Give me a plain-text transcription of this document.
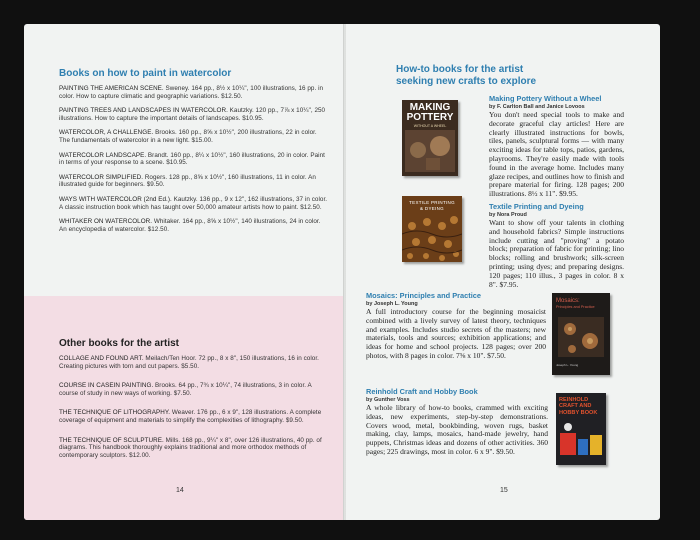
Books on how to paint in watercolor

PAINTING THE AMERICAN SCENE. Sweney. 164 pp., 8½ x 10¼", 100 illustrations, 16 pp. in color. How to capture climatic and geographic variations. $12.50.

PAINTING TREES AND LANDSCAPES IN WATERCOLOR. Kautzky. 120 pp., 7⅞ x 10¼", 250 illustrations. How to capture the important details of landscapes. $10.95.

WATERCOLOR, A CHALLENGE. Brooks. 160 pp., 8⅝ x 10½", 200 illustrations, 22 in color. The fundamentals of watercolor in a new light. $15.00.

WATERCOLOR LANDSCAPE. Brandt. 160 pp., 8¼ x 10½", 160 illustrations, 20 in color. Paint in terms of your response to a scene. $10.95.

WATERCOLOR SIMPLIFIED. Rogers. 128 pp., 8⅝ x 10½", 160 illustrations, 11 in color. An illustrated guide for beginners. $9.50.

WAYS WITH WATERCOLOR (2nd Ed.). Kautzky. 136 pp., 9 x 12", 162 illustrations, 37 in color. A classic instruction book which has taught over 50,000 amateur artists how to paint. $12.50.

WHITAKER ON WATERCOLOR. Whitaker. 164 pp., 8⅝ x 10½", 140 illustrations, 24 in color. An encyclopedia of watercolor. $12.50.

Other books for the artist

COLLAGE AND FOUND ART. Meilach/Ten Hoor. 72 pp., 8 x 8", 150 illustrations, 16 in color. Creating pictures with torn and cut papers. $5.50.

COURSE IN CASEIN PAINTING. Brooks. 64 pp., 7¾ x 10¼", 74 illustrations, 3 in color. A course of study in new ways of working. $7.50.

THE TECHNIQUE OF LITHOGRAPHY. Weaver. 176 pp., 6 x 9", 128 illustrations. A complete coverage of equipment and materials to simplify the complexities of lithography. $9.50.

THE TECHNIQUE OF SCULPTURE. Mills. 168 pp., 9¼" x 8", over 126 illustrations, 40 pp. of diagrams. This handbook thoroughly explains traditional and more orthodox methods of contemporary sculptors. $12.00.

14
How-to books for the artist
seeking new crafts to explore
MAKING
POTTERY
WITHOUT A WHEEL
Making Pottery Without a Wheel
by F. Carlton Ball and Janice Lovoos
You don't need special tools to make and decorate graceful clay articles! Here are clearly illustrated instructions for bowls, tiles, panels, sculptural forms — with many exciting ideas for table tops, patios, gardens, playrooms. They're easily made with tools found in the average home. Includes many glaze recipes, and outlines how to finish and prepare material for firing. 128 pages; 200 illustrations. 8½ x 11". $9.95.
TEXTILE PRINTING
& DYEING	Textile Printing and Dyeing
by Nora Proud
Want to show off your talents in clothing and household fabrics? Simple instructions include cutting and "proving" a potato block; preparation of fabric for printing; lino blocks; rolling and brushwork; silk-screen printing; using dyes; and preparing designs. 120 pages; 110 illus., 3 pages in color. 8 x 8". $7.95.
Mosaics: Principles and Practice
by Joseph L. Young
A full introductory course for the beginning mosaicist combined with a lively survey of latest theory, techniques and examples. Includes studio secrets of the masters; new materials, tools and sources; exhibition applications; and ideas for home and school projects. 128 pages; over 200 photos, with 8 pages in color. 7⅝ x 10". $7.50.
Mosaics:
Principles and Practice
Joseph L. Young
Reinhold Craft and Hobby Book
by Gunther Voss
A whole library of how-to books, crammed with exciting ideas, new experiments, step-by-step demonstrations. Covers wood, metal, bookbinding, woven rugs, basket making, clay, lamps, mosaics, hand-made jewelry, hand puppets, Christmas ideas and dozens of other activities. 360 pages; 225 drawings, most in color. 6 x 9". $9.50.
REINHOLD
CRAFT AND
HOBBY BOOK
15
